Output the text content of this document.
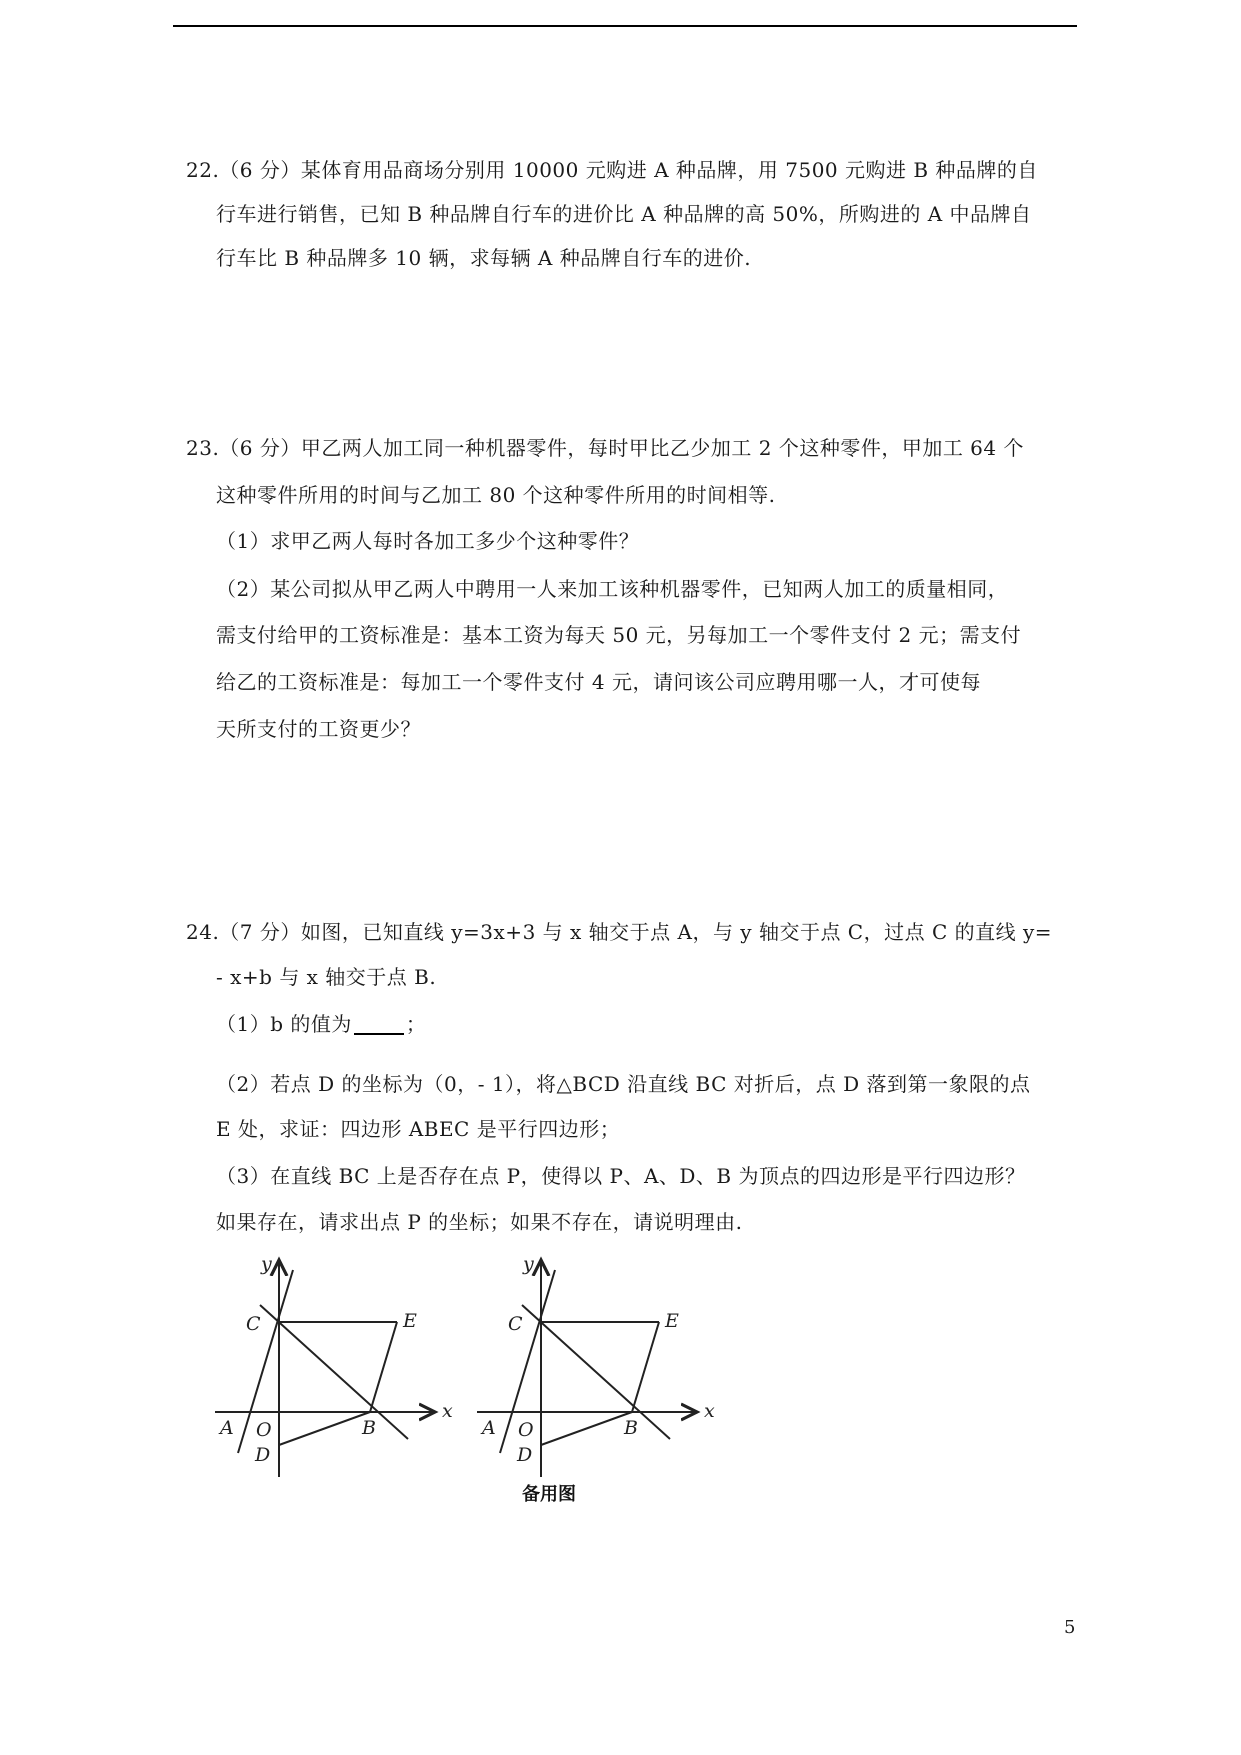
22.（6 分）某体育用品商场分别用 10000 元购进 A 种品牌，用 7500 元购进 B 种品牌的自
行车进行销售，已知 B 种品牌自行车的进价比 A 种品牌的高 50%，所购进的 A 中品牌自
行车比 B 种品牌多 10 辆，求每辆 A 种品牌自行车的进价.
23.（6 分）甲乙两人加工同一种机器零件，每时甲比乙少加工 2 个这种零件，甲加工 64 个
这种零件所用的时间与乙加工 80 个这种零件所用的时间相等.
（1）求甲乙两人每时各加工多少个这种零件？
（2）某公司拟从甲乙两人中聘用一人来加工该种机器零件，已知两人加工的质量相同，
需支付给甲的工资标准是：基本工资为每天 50 元，另每加工一个零件支付 2 元；需支付
给乙的工资标准是：每加工一个零件支付 4 元，请问该公司应聘用哪一人，才可使每
天所支付的工资更少？
24.（7 分）如图，已知直线 y=3x+3 与 x 轴交于点 A，与 y 轴交于点 C，过点 C 的直线 y=
- x+b 与 x 轴交于点 B.
（1）b 的值为	；
（2）若点 D 的坐标为（0，- 1），将△BCD 沿直线 BC 对折后，点 D 落到第一象限的点
E 处，求证：四边形 ABEC 是平行四边形；
（3）在直线 BC 上是否存在点 P，使得以 P、A、D、B 为顶点的四边形是平行四边形？
如果存在，请求出点 P 的坐标；如果不存在，请说明理由.
y
x
C	E
A O	B
D
y
x
C	E
A O	B
D
备用图
5
